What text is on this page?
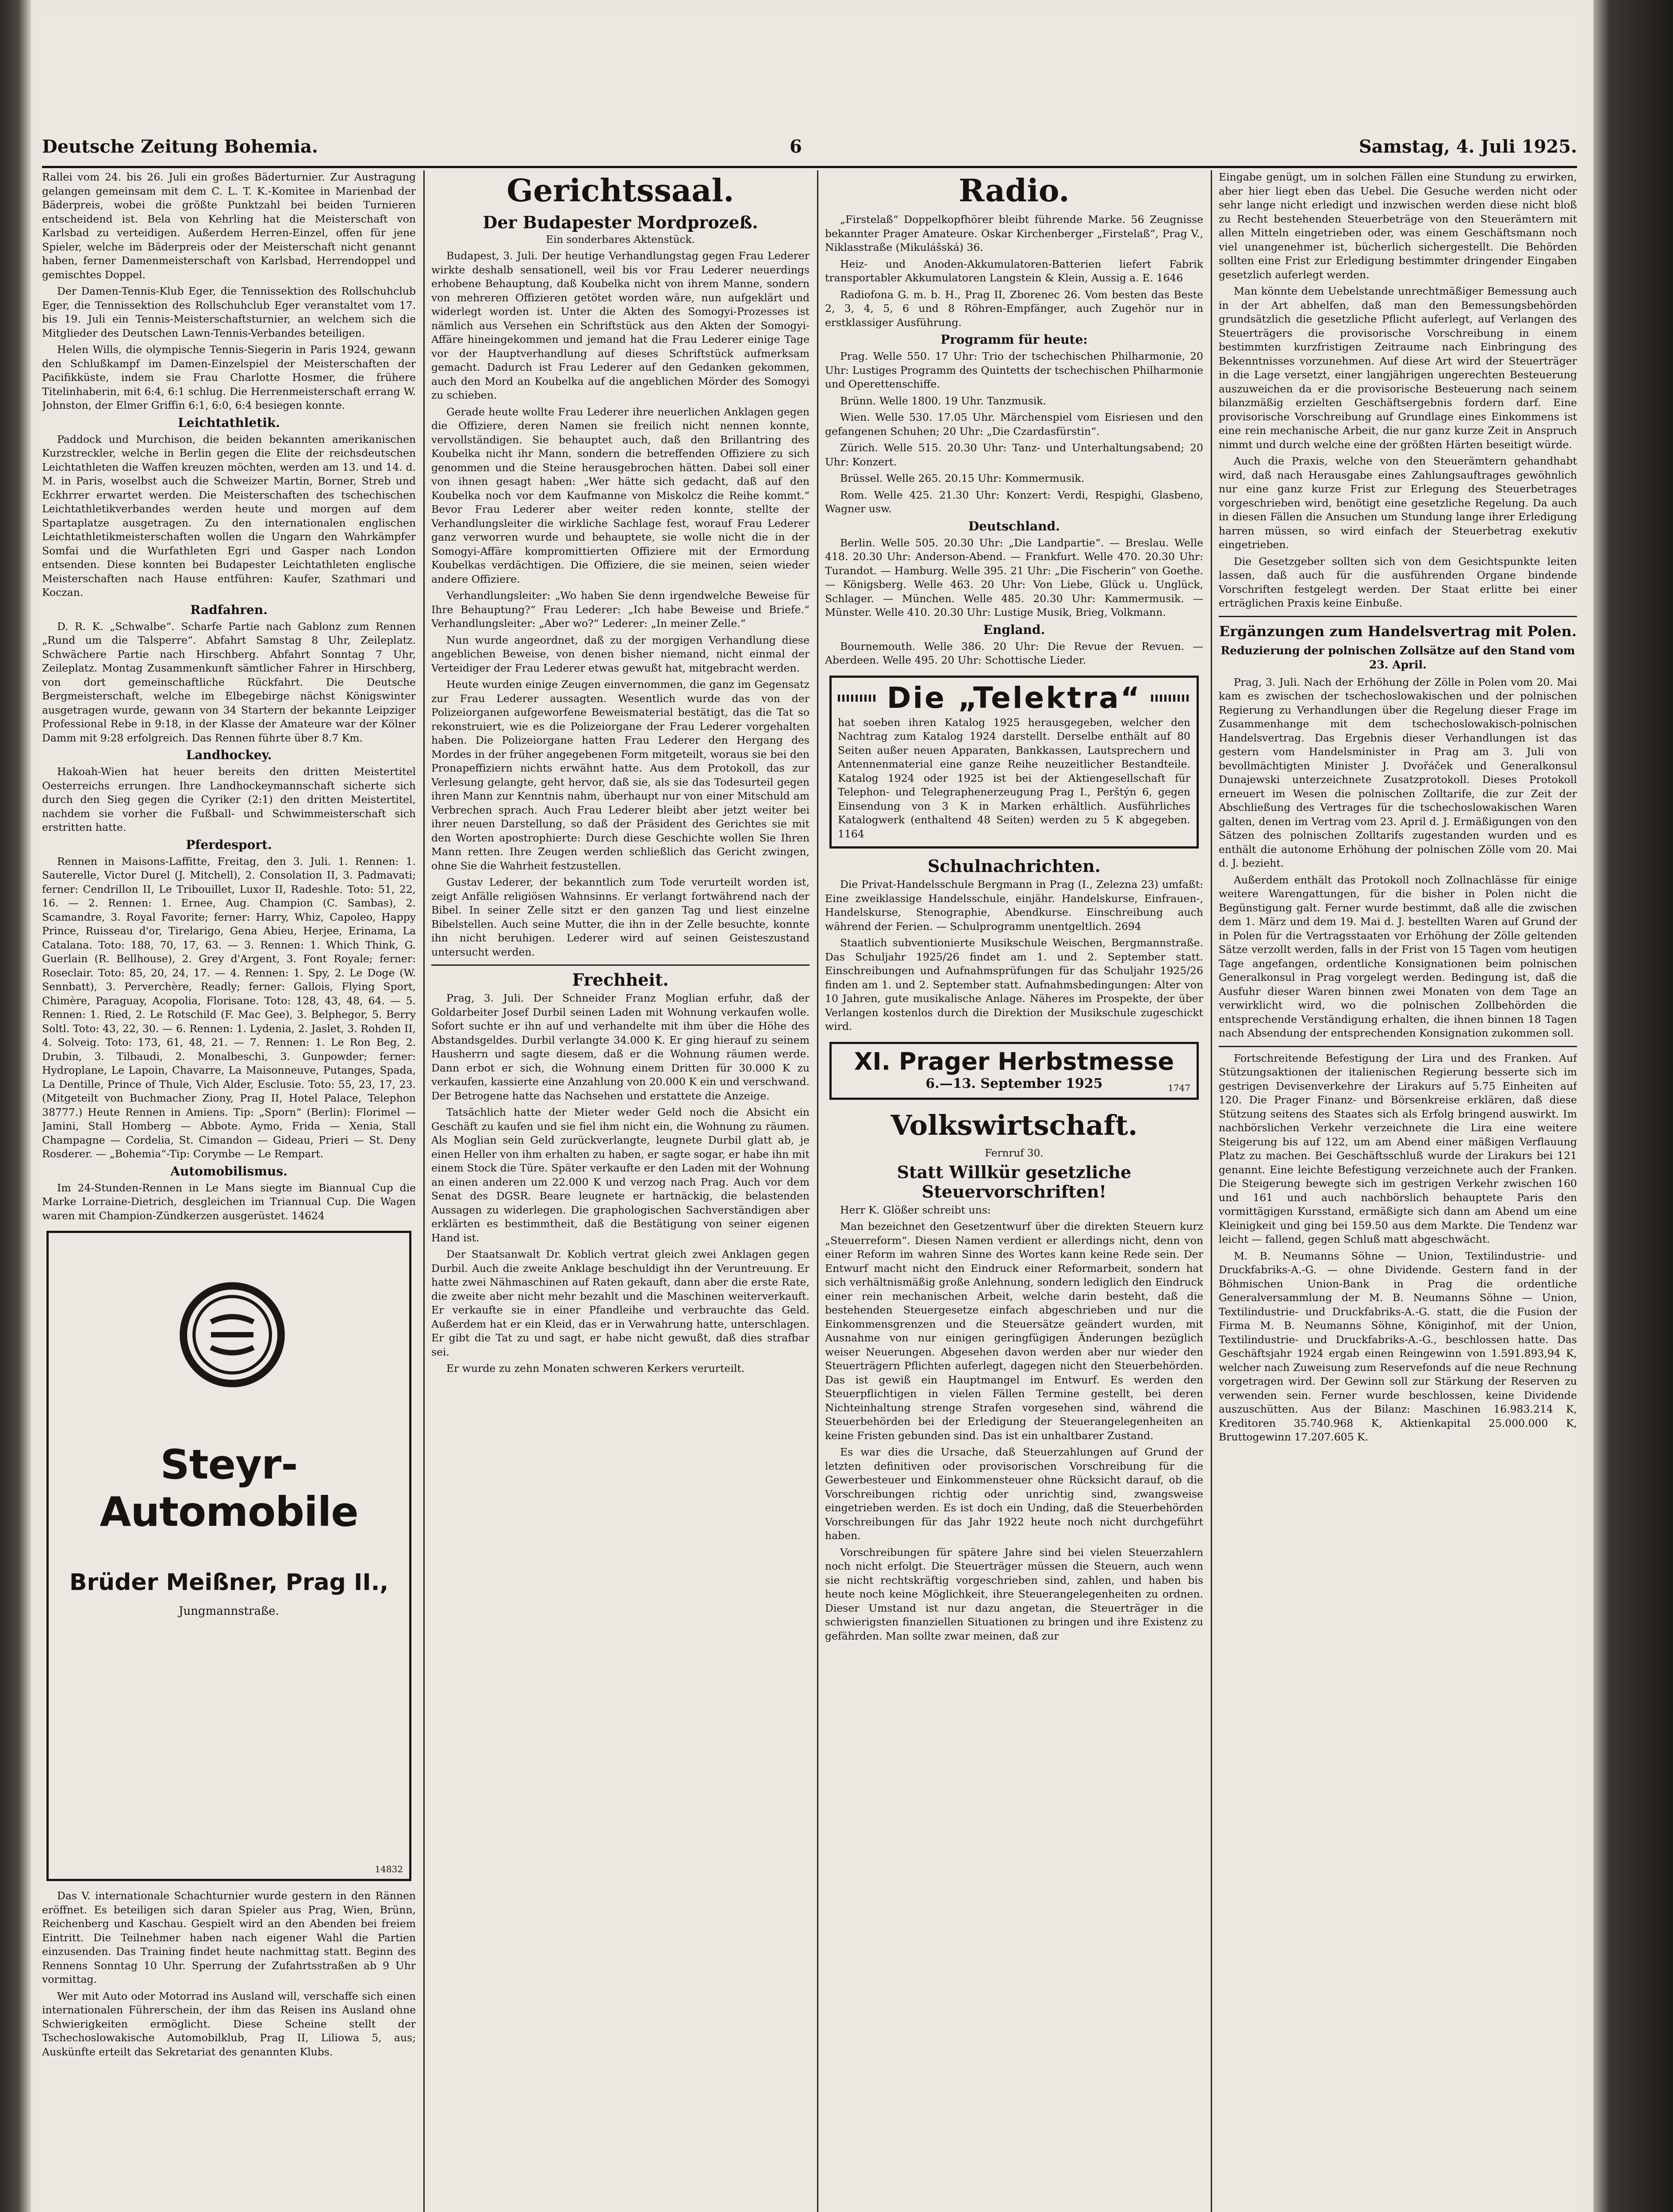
Deutsche Zeitung Bohemia.	6	Samstag, 4. Juli 1925.

Rallei vom 24. bis 26. Juli ein großes Bäderturnier. Zur Austragung gelangen gemeinsam mit dem C. L. T. K.-Komitee in Marienbad der Bäderpreis, wobei die größte Punktzahl bei beiden Turnieren entscheidend ist. Bela von Kehrling hat die Meisterschaft von Karlsbad zu verteidigen. Außerdem Herren-Einzel, offen für jene Spieler, welche im Bäderpreis oder der Meisterschaft nicht genannt haben, ferner Damenmeisterschaft von Karlsbad, Herrendoppel und gemischtes Doppel.

Der Damen-Tennis-Klub Eger, die Tennissektion des Rollschuhclub Eger, die Tennissektion des Rollschuhclub Eger veranstaltet vom 17. bis 19. Juli ein Tennis-Meisterschaftsturnier, an welchem sich die Mitglieder des Deutschen Lawn-Tennis-Verbandes beteiligen.

Helen Wills, die olympische Tennis-Siegerin in Paris 1924, gewann den Schlußkampf im Damen-Einzelspiel der Meisterschaften der Pacifikküste, indem sie Frau Charlotte Hosmer, die frühere Titelinhaberin, mit 6:4, 6:1 schlug. Die Herrenmeisterschaft errang W. Johnston, der Elmer Griffin 6:1, 6:0, 6:4 besiegen konnte.

Leichtathletik.

Paddock und Murchison, die beiden bekannten amerikanischen Kurzstreckler, welche in Berlin gegen die Elite der reichsdeutschen Leichtathleten die Waffen kreuzen möchten, werden am 13. und 14. d. M. in Paris, woselbst auch die Schweizer Martin, Borner, Streb und Eckhrrer erwartet werden. Die Meisterschaften des tschechischen Leichtathletikverbandes werden heute und morgen auf dem Spartaplatze ausgetragen. Zu den internationalen englischen Leichtathletikmeisterschaften wollen die Ungarn den Wahrkämpfer Somfai und die Wurfathleten Egri und Gasper nach London entsenden. Diese konnten bei Budapester Leichtathleten englische Meisterschaften nach Hause entführen: Kaufer, Szathmari und Koczan.

Radfahren.

D. R. K. „Schwalbe“. Scharfe Partie nach Gablonz zum Rennen „Rund um die Talsperre“. Abfahrt Samstag 8 Uhr, Zeileplatz. Schwächere Partie nach Hirschberg. Abfahrt Sonntag 7 Uhr, Zeileplatz. Montag Zusammenkunft sämtlicher Fahrer in Hirschberg, von dort gemeinschaftliche Rückfahrt. Die Deutsche Bergmeisterschaft, welche im Elbegebirge nächst Königswinter ausgetragen wurde, gewann von 34 Startern der bekannte Leipziger Professional Rebe in 9:18, in der Klasse der Amateure war der Kölner Damm mit 9:28 erfolgreich. Das Rennen führte über 8.7 Km.

Landhockey.

Hakoah-Wien hat heuer bereits den dritten Meistertitel Oesterreichs errungen. Ihre Landhockeymannschaft sicherte sich durch den Sieg gegen die Cyriker (2:1) den dritten Meistertitel, nachdem sie vorher die Fußball- und Schwimmeisterschaft sich erstritten hatte.

Pferdesport.

Rennen in Maisons-Laffitte, Freitag, den 3. Juli. 1. Rennen: 1. Sauterelle, Victor Durel (J. Mitchell), 2. Consolation II, 3. Padmavati; ferner: Cendrillon II, Le Tribouillet, Luxor II, Radeshle. Toto: 51, 22, 16. — 2. Rennen: 1. Ernee, Aug. Champion (C. Sambas), 2. Scamandre, 3. Royal Favorite; ferner: Harry, Whiz, Capoleo, Happy Prince, Ruisseau d'or, Tirelarigo, Gena Abieu, Herjee, Erinama, La Catalana. Toto: 188, 70, 17, 63. — 3. Rennen: 1. Which Think, G. Guerlain (R. Bellhouse), 2. Grey d'Argent, 3. Font Royale; ferner: Roseclair. Toto: 85, 20, 24, 17. — 4. Rennen: 1. Spy, 2. Le Doge (W. Sennbatt), 3. Perverchère, Readly; ferner: Gallois, Flying Sport, Chimère, Paraguay, Acopolia, Florisane. Toto: 128, 43, 48, 64. — 5. Rennen: 1. Ried, 2. Le Rotschild (F. Mac Gee), 3. Belphegor, 5. Berry Soltl. Toto: 43, 22, 30. — 6. Rennen: 1. Lydenia, 2. Jaslet, 3. Rohden II, 4. Solveig. Toto: 173, 61, 48, 21. — 7. Rennen: 1. Le Ron Beg, 2. Drubin, 3. Tilbaudi, 2. Monalbeschi, 3. Gunpowder; ferner: Hydroplane, Le Lapoin, Chavarre, La Maisonneuve, Putanges, Spada, La Dentille, Prince of Thule, Vich Alder, Esclusie. Toto: 55, 23, 17, 23. (Mitgeteilt von Buchmacher Ziony, Prag II, Hotel Palace, Telephon 38777.) Heute Rennen in Amiens. Tip: „Sporn“ (Berlin): Florimel — Jamini, Stall Homberg — Abbote. Aymo, Frida — Xenia, Stall Champagne — Cordelia, St. Cimandon — Gideau, Prieri — St. Deny Rosderer. — „Bohemia“-Tip: Corymbe — Le Rempart.

Automobilismus.

Im 24-Stunden-Rennen in Le Mans siegte im Biannual Cup die Marke Lorraine-Dietrich, desgleichen im Triannual Cup. Die Wagen waren mit Champion-Zündkerzen ausgerüstet. 14624

Steyr-Automobile
Brüder Meißner, Prag II.,
Jungmannstraße.
14832

Das V. internationale Schachturnier wurde gestern in den Rännen eröffnet. Es beteiligen sich daran Spieler aus Prag, Wien, Brünn, Reichenberg und Kaschau. Gespielt wird an den Abenden bei freiem Eintritt. Die Teilnehmer haben nach eigener Wahl die Partien einzusenden. Das Training findet heute nachmittag statt. Beginn des Rennens Sonntag 10 Uhr. Sperrung der Zufahrtsstraßen ab 9 Uhr vormittag.

Wer mit Auto oder Motorrad ins Ausland will, verschaffe sich einen internationalen Führerschein, der ihm das Reisen ins Ausland ohne Schwierigkeiten ermöglicht. Diese Scheine stellt der Tschechoslowakische Automobilklub, Prag II, Liliowa 5, aus; Auskünfte erteilt das Sekretariat des genannten Klubs.

Gerichtssaal.
Der Budapester Mordprozeß.
Ein sonderbares Aktenstück.

Budapest, 3. Juli. Der heutige Verhandlungstag gegen Frau Lederer wirkte deshalb sensationell, weil bis vor Frau Lederer neuerdings erhobene Behauptung, daß Koubelka nicht von ihrem Manne, sondern von mehreren Offizieren getötet worden wäre, nun aufgeklärt und widerlegt worden ist. Unter die Akten des Somogyi-Prozesses ist nämlich aus Versehen ein Schriftstück aus den Akten der Somogyi-Affäre hineingekommen und jemand hat die Frau Lederer einige Tage vor der Hauptverhandlung auf dieses Schriftstück aufmerksam gemacht. Dadurch ist Frau Lederer auf den Gedanken gekommen, auch den Mord an Koubelka auf die angeblichen Mörder des Somogyi zu schieben.

Gerade heute wollte Frau Lederer ihre neuerlichen Anklagen gegen die Offiziere, deren Namen sie freilich nicht nennen konnte, vervollständigen. Sie behauptet auch, daß den Brillantring des Koubelka nicht ihr Mann, sondern die betreffenden Offiziere zu sich genommen und die Steine herausgebrochen hätten. Dabei soll einer von ihnen gesagt haben: „Wer hätte sich gedacht, daß auf den Koubelka noch vor dem Kaufmanne von Miskolcz die Reihe kommt.“ Bevor Frau Lederer aber weiter reden konnte, stellte der Verhandlungsleiter die wirkliche Sachlage fest, worauf Frau Lederer ganz verworren wurde und behauptete, sie wolle nicht die in der Somogyi-Affäre kompromittierten Offiziere mit der Ermordung Koubelkas verdächtigen. Die Offiziere, die sie meinen, seien wieder andere Offiziere.

Verhandlungsleiter: „Wo haben Sie denn irgendwelche Beweise für Ihre Behauptung?“ Frau Lederer: „Ich habe Beweise und Briefe.“ Verhandlungsleiter: „Aber wo?“ Lederer: „In meiner Zelle.“

Nun wurde angeordnet, daß zu der morgigen Verhandlung diese angeblichen Beweise, von denen bisher niemand, nicht einmal der Verteidiger der Frau Lederer etwas gewußt hat, mitgebracht werden.

Heute wurden einige Zeugen einvernommen, die ganz im Gegensatz zur Frau Lederer aussagten. Wesentlich wurde das von der Polizeiorganen aufgeworfene Beweismaterial bestätigt, das die Tat so rekonstruiert, wie es die Polizeiorgane der Frau Lederer vorgehalten haben. Die Polizeiorgane hatten Frau Lederer den Hergang des Mordes in der früher angegebenen Form mitgeteilt, woraus sie bei den Pronapeffiziern nichts erwähnt hatte. Aus dem Protokoll, das zur Verlesung gelangte, geht hervor, daß sie, als sie das Todesurteil gegen ihren Mann zur Kenntnis nahm, überhaupt nur von einer Mitschuld am Verbrechen sprach. Auch Frau Lederer bleibt aber jetzt weiter bei ihrer neuen Darstellung, so daß der Präsident des Gerichtes sie mit den Worten apostrophierte: Durch diese Geschichte wollen Sie Ihren Mann retten. Ihre Zeugen werden schließlich das Gericht zwingen, ohne Sie die Wahrheit festzustellen.

Gustav Lederer, der bekanntlich zum Tode verurteilt worden ist, zeigt Anfälle religiösen Wahnsinns. Er verlangt fortwährend nach der Bibel. In seiner Zelle sitzt er den ganzen Tag und liest einzelne Bibelstellen. Auch seine Mutter, die ihn in der Zelle besuchte, konnte ihn nicht beruhigen. Lederer wird auf seinen Geisteszustand untersucht werden.

Frechheit.

Prag, 3. Juli. Der Schneider Franz Moglian erfuhr, daß der Goldarbeiter Josef Durbil seinen Laden mit Wohnung verkaufen wolle. Sofort suchte er ihn auf und verhandelte mit ihm über die Höhe des Abstandsgeldes. Durbil verlangte 34.000 K. Er ging hierauf zu seinem Hausherrn und sagte diesem, daß er die Wohnung räumen werde. Dann erbot er sich, die Wohnung einem Dritten für 30.000 K zu verkaufen, kassierte eine Anzahlung von 20.000 K ein und verschwand. Der Betrogene hatte das Nachsehen und erstattete die Anzeige.

Tatsächlich hatte der Mieter weder Geld noch die Absicht ein Geschäft zu kaufen und sie fiel ihm nicht ein, die Wohnung zu räumen. Als Moglian sein Geld zurückverlangte, leugnete Durbil glatt ab, je einen Heller von ihm erhalten zu haben, er sagte sogar, er habe ihn mit einem Stock die Türe. Später verkaufte er den Laden mit der Wohnung an einen anderen um 22.000 K und verzog nach Prag. Auch vor dem Senat des DGSR. Beare leugnete er hartnäckig, die belastenden Aussagen zu widerlegen. Die graphologischen Sachverständigen aber erklärten es bestimmtheit, daß die Bestätigung von seiner eigenen Hand ist.

Der Staatsanwalt Dr. Koblich vertrat gleich zwei Anklagen gegen Durbil. Auch die zweite Anklage beschuldigt ihn der Veruntreuung. Er hatte zwei Nähmaschinen auf Raten gekauft, dann aber die erste Rate, die zweite aber nicht mehr bezahlt und die Maschinen weiterverkauft. Er verkaufte sie in einer Pfandleihe und verbrauchte das Geld. Außerdem hat er ein Kleid, das er in Verwahrung hatte, unterschlagen. Er gibt die Tat zu und sagt, er habe nicht gewußt, daß dies strafbar sei.

Er wurde zu zehn Monaten schweren Kerkers verurteilt.

Radio.

„Firstelaß“ Doppelkopfhörer bleibt führende Marke. 56 Zeugnisse bekannter Prager Amateure. Oskar Kirchenberger „Firstelaß“, Prag V., Niklasstraße (Mikulášská) 36.

Heiz- und Anoden-Akkumulatoren-Batterien liefert Fabrik transportabler Akkumulatoren Langstein & Klein, Aussig a. E. 1646

Radiofona G. m. b. H., Prag II, Zborenec 26. Vom besten das Beste 2, 3, 4, 5, 6 und 8 Röhren-Empfänger, auch Zugehör nur in erstklassiger Ausführung.

Programm für heute:

Prag. Welle 550. 17 Uhr: Trio der tschechischen Philharmonie, 20 Uhr: Lustiges Programm des Quintetts der tschechischen Philharmonie und Operettenschiffe.

Brünn. Welle 1800. 19 Uhr. Tanzmusik.

Wien. Welle 530. 17.05 Uhr. Märchenspiel vom Eisriesen und den gefangenen Schuhen; 20 Uhr: „Die Czardasfürstin“.

Zürich. Welle 515. 20.30 Uhr: Tanz- und Unterhaltungsabend; 20 Uhr: Konzert.

Brüssel. Welle 265. 20.15 Uhr: Kommermusik.

Rom. Welle 425. 21.30 Uhr: Konzert: Verdi, Respighi, Glasbeno, Wagner usw.

Deutschland.

Berlin. Welle 505. 20.30 Uhr: „Die Landpartie“. — Breslau. Welle 418. 20.30 Uhr: Anderson-Abend. — Frankfurt. Welle 470. 20.30 Uhr: Turandot. — Hamburg. Welle 395. 21 Uhr: „Die Fischerin“ von Goethe. — Königsberg. Welle 463. 20 Uhr: Von Liebe, Glück u. Unglück, Schlager. — München. Welle 485. 20.30 Uhr: Kammermusik. — Münster. Welle 410. 20.30 Uhr: Lustige Musik, Brieg, Volkmann.

England.

Bournemouth. Welle 386. 20 Uhr: Die Revue der Revuen. — Aberdeen. Welle 495. 20 Uhr: Schottische Lieder.

Die „Telektra“

hat soeben ihren Katalog 1925 herausgegeben, welcher den Nachtrag zum Katalog 1924 darstellt. Derselbe enthält auf 80 Seiten außer neuen Apparaten, Bankkassen, Lautsprechern und Antennenmaterial eine ganze Reihe neuzeitlicher Bestandteile. Katalog 1924 oder 1925 ist bei der Aktiengesellschaft für Telephon- und Telegraphenerzeugung Prag I., Perštýn 6, gegen Einsendung von 3 K in Marken erhältlich. Ausführliches Katalogwerk (enthaltend 48 Seiten) werden zu 5 K abgegeben. 1164

Schulnachrichten.

Die Privat-Handelsschule Bergmann in Prag (I., Zelezna 23) umfaßt: Eine zweiklassige Handelsschule, einjähr. Handelskurse, Einfrauen-, Handelskurse, Stenographie, Abendkurse. Einschreibung auch während der Ferien. — Schulprogramm unentgeltlich. 2694

Staatlich subventionierte Musikschule Weischen, Bergmannstraße. Das Schuljahr 1925/26 findet am 1. und 2. September statt. Einschreibungen und Aufnahmsprüfungen für das Schuljahr 1925/26 finden am 1. und 2. September statt. Aufnahmsbedingungen: Alter von 10 Jahren, gute musikalische Anlage. Näheres im Prospekte, der über Verlangen kostenlos durch die Direktion der Musikschule zugeschickt wird.

XI. Prager Herbstmesse
6.—13. September 1925	1747
Volkswirtschaft.
Fernruf 30.
Statt Willkür gesetzliche Steuervorschriften!

Herr K. Glößer schreibt uns:

Man bezeichnet den Gesetzentwurf über die direkten Steuern kurz „Steuerreform“. Diesen Namen verdient er allerdings nicht, denn von einer Reform im wahren Sinne des Wortes kann keine Rede sein. Der Entwurf macht nicht den Eindruck einer Reformarbeit, sondern hat sich verhältnismäßig große Anlehnung, sondern lediglich den Eindruck einer rein mechanischen Arbeit, welche darin besteht, daß die bestehenden Steuergesetze einfach abgeschrieben und nur die Einkommensgrenzen und die Steuersätze geändert wurden, mit Ausnahme von nur einigen geringfügigen Änderungen bezüglich weiser Neuerungen. Abgesehen davon werden aber nur wieder den Steuerträgern Pflichten auferlegt, dagegen nicht den Steuerbehörden. Das ist gewiß ein Hauptmangel im Entwurf. Es werden den Steuerpflichtigen in vielen Fällen Termine gestellt, bei deren Nichteinhaltung strenge Strafen vorgesehen sind, während die Steuerbehörden bei der Erledigung der Steuerangelegenheiten an keine Fristen gebunden sind. Das ist ein unhaltbarer Zustand.

Es war dies die Ursache, daß Steuerzahlungen auf Grund der letzten definitiven oder provisorischen Vorschreibung für die Gewerbesteuer und Einkommensteuer ohne Rücksicht darauf, ob die Vorschreibungen richtig oder unrichtig sind, zwangsweise eingetrieben werden. Es ist doch ein Unding, daß die Steuerbehörden Vorschreibungen für das Jahr 1922 heute noch nicht durchgeführt haben.

Vorschreibungen für spätere Jahre sind bei vielen Steuerzahlern noch nicht erfolgt. Die Steuerträger müssen die Steuern, auch wenn sie nicht rechtskräftig vorgeschrieben sind, zahlen, und haben bis heute noch keine Möglichkeit, ihre Steuerangelegenheiten zu ordnen. Dieser Umstand ist nur dazu angetan, die Steuerträger in die schwierigsten finanziellen Situationen zu bringen und ihre Existenz zu gefährden. Man sollte zwar meinen, daß zur

Eingabe genügt, um in solchen Fällen eine Stundung zu erwirken, aber hier liegt eben das Uebel. Die Gesuche werden nicht oder sehr lange nicht erledigt und inzwischen werden diese nicht bloß zu Recht bestehenden Steuerbeträge von den Steuerämtern mit allen Mitteln eingetrieben oder, was einem Geschäftsmann noch viel unangenehmer ist, bücherlich sichergestellt. Die Behörden sollten eine Frist zur Erledigung bestimmter dringender Eingaben gesetzlich auferlegt werden.

Man könnte dem Uebelstande unrechtmäßiger Bemessung auch in der Art abhelfen, daß man den Bemessungsbehörden grundsätzlich die gesetzliche Pflicht auferlegt, auf Verlangen des Steuerträgers die provisorische Vorschreibung in einem bestimmten kurzfristigen Zeitraume nach Einbringung des Bekenntnisses vorzunehmen. Auf diese Art wird der Steuerträger in die Lage versetzt, einer langjährigen ungerechten Besteuerung auszuweichen da er die provisorische Besteuerung nach seinem bilanzmäßig erzielten Geschäftsergebnis fordern darf. Eine provisorische Vorschreibung auf Grundlage eines Einkommens ist eine rein mechanische Arbeit, die nur ganz kurze Zeit in Anspruch nimmt und durch welche eine der größten Härten beseitigt würde.

Auch die Praxis, welche von den Steuerämtern gehandhabt wird, daß nach Herausgabe eines Zahlungsauftrages gewöhnlich nur eine ganz kurze Frist zur Erlegung des Steuerbetrages vorgeschrieben wird, benötigt eine gesetzliche Regelung. Da auch in diesen Fällen die Ansuchen um Stundung lange ihrer Erledigung harren müssen, so wird einfach der Steuerbetrag exekutiv eingetrieben.

Die Gesetzgeber sollten sich von dem Gesichtspunkte leiten lassen, daß auch für die ausführenden Organe bindende Vorschriften festgelegt werden. Der Staat erlitte bei einer erträglichen Praxis keine Einbuße.

Ergänzungen zum Handelsvertrag mit Polen.
Reduzierung der polnischen Zollsätze auf den Stand vom 23. April.

Prag, 3. Juli. Nach der Erhöhung der Zölle in Polen vom 20. Mai kam es zwischen der tschechoslowakischen und der polnischen Regierung zu Verhandlungen über die Regelung dieser Frage im Zusammenhange mit dem tschechoslowakisch-polnischen Handelsvertrag. Das Ergebnis dieser Verhandlungen ist das gestern vom Handelsminister in Prag am 3. Juli von bevollmächtigten Minister J. Dvořáček und Generalkonsul Dunajewski unterzeichnete Zusatzprotokoll. Dieses Protokoll erneuert im Wesen die polnischen Zolltarife, die zur Zeit der Abschließung des Vertrages für die tschechoslowakischen Waren galten, denen im Vertrag vom 23. April d. J. Ermäßigungen von den Sätzen des polnischen Zolltarifs zugestanden wurden und es enthält die autonome Erhöhung der polnischen Zölle vom 20. Mai d. J. bezieht.

Außerdem enthält das Protokoll noch Zollnachlässe für einige weitere Warengattungen, für die bisher in Polen nicht die Begünstigung galt. Ferner wurde bestimmt, daß alle die zwischen dem 1. März und dem 19. Mai d. J. bestellten Waren auf Grund der in Polen für die Vertragsstaaten vor Erhöhung der Zölle geltenden Sätze verzollt werden, falls in der Frist von 15 Tagen vom heutigen Tage angefangen, ordentliche Konsignationen beim polnischen Generalkonsul in Prag vorgelegt werden. Bedingung ist, daß die Ausfuhr dieser Waren binnen zwei Monaten von dem Tage an verwirklicht wird, wo die polnischen Zollbehörden die entsprechende Verständigung erhalten, die ihnen binnen 18 Tagen nach Absendung der entsprechenden Konsignation zukommen soll.

Fortschreitende Befestigung der Lira und des Franken. Auf Stützungsaktionen der italienischen Regierung besserte sich im gestrigen Devisenverkehre der Lirakurs auf 5.75 Einheiten auf 120. Die Prager Finanz- und Börsenkreise erklären, daß diese Stützung seitens des Staates sich als Erfolg bringend auswirkt. Im nachbörslichen Verkehr verzeichnete die Lira eine weitere Steigerung bis auf 122, um am Abend einer mäßigen Verflauung Platz zu machen. Bei Geschäftsschluß wurde der Lirakurs bei 121 genannt. Eine leichte Befestigung verzeichnete auch der Franken. Die Steigerung bewegte sich im gestrigen Verkehr zwischen 160 und 161 und auch nachbörslich behauptete Paris den vormittägigen Kursstand, ermäßigte sich dann am Abend um eine Kleinigkeit und ging bei 159.50 aus dem Markte. Die Tendenz war leicht — fallend, gegen Schluß matt abgeschwächt.

M. B. Neumanns Söhne — Union, Textilindustrie- und Druckfabriks-A.-G. — ohne Dividende. Gestern fand in der Böhmischen Union-Bank in Prag die ordentliche Generalversammlung der M. B. Neumanns Söhne — Union, Textilindustrie- und Druckfabriks-A.-G. statt, die die Fusion der Firma M. B. Neumanns Söhne, Königinhof, mit der Union, Textilindustrie- und Druckfabriks-A.-G., beschlossen hatte. Das Geschäftsjahr 1924 ergab einen Reingewinn von 1.591.893,94 K, welcher nach Zuweisung zum Reservefonds auf die neue Rechnung vorgetragen wird. Der Gewinn soll zur Stärkung der Reserven zu verwenden sein. Ferner wurde beschlossen, keine Dividende auszuschütten. Aus der Bilanz: Maschinen 16.983.214 K, Kreditoren 35.740.968 K, Aktienkapital 25.000.000 K, Bruttogewinn 17.207.605 K.
